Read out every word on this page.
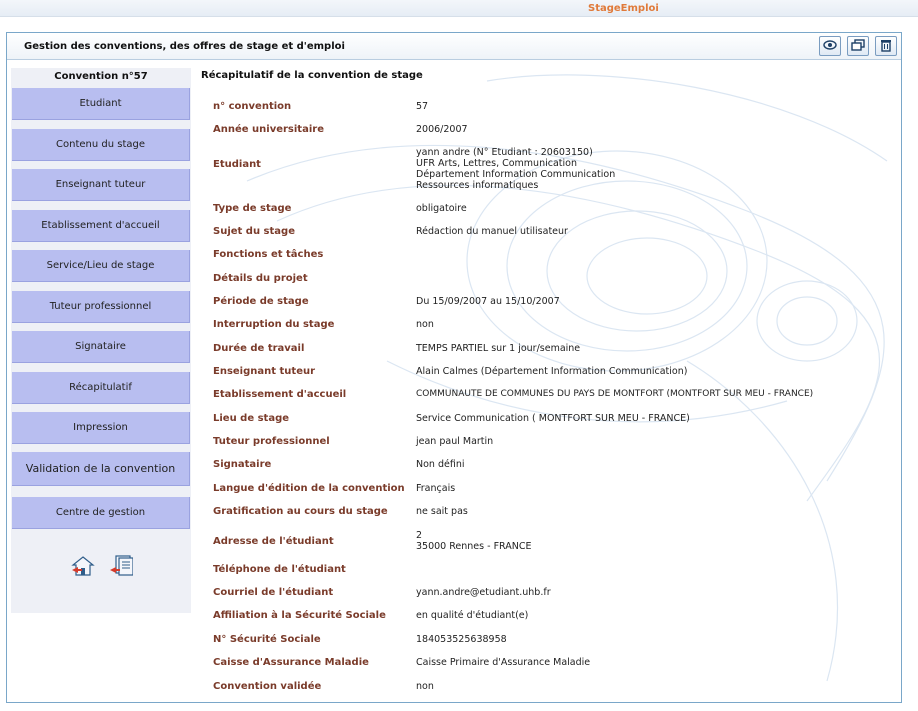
StageEmploi
Gestion des conventions, des offres de stage et d'emploi
Convention n°57
Etudiant
Contenu du stage
Enseignant tuteur
Etablissement d'accueil
Service/Lieu de stage
Tuteur professionnel
Signataire
Récapitulatif
Impression
Validation de la convention
Centre de gestion
Récapitulatif de la convention de stage
n° convention	57
Année universitaire	2006/2007
Etudiant
yann andre (N° Etudiant : 20603150)
UFR Arts, Lettres, Communication
Département Information Communication
Ressources informatiques
Type de stage	obligatoire
Sujet du stage	Rédaction du manuel utilisateur
Fonctions et tâches
Détails du projet
Période de stage	Du 15/09/2007 au 15/10/2007
Interruption du stage	non
Durée de travail	TEMPS PARTIEL sur 1 jour/semaine
Enseignant tuteur	Alain Calmes (Département Information Communication)
Etablissement d'accueil	COMMUNAUTE DE COMMUNES DU PAYS DE MONTFORT (MONTFORT SUR MEU - FRANCE)
Lieu de stage	Service Communication ( MONTFORT SUR MEU - FRANCE)
Tuteur professionnel	jean paul Martin
Signataire	Non défini
Langue d'édition de la convention	Français
Gratification au cours du stage	ne sait pas
Adresse de l'étudiant
2
35000 Rennes - FRANCE
Téléphone de l'étudiant
Courriel de l'étudiant	yann.andre@etudiant.uhb.fr
Affiliation à la Sécurité Sociale	en qualité d'étudiant(e)
N° Sécurité Sociale	184053525638958
Caisse d'Assurance Maladie	Caisse Primaire d'Assurance Maladie
Convention validée	non
